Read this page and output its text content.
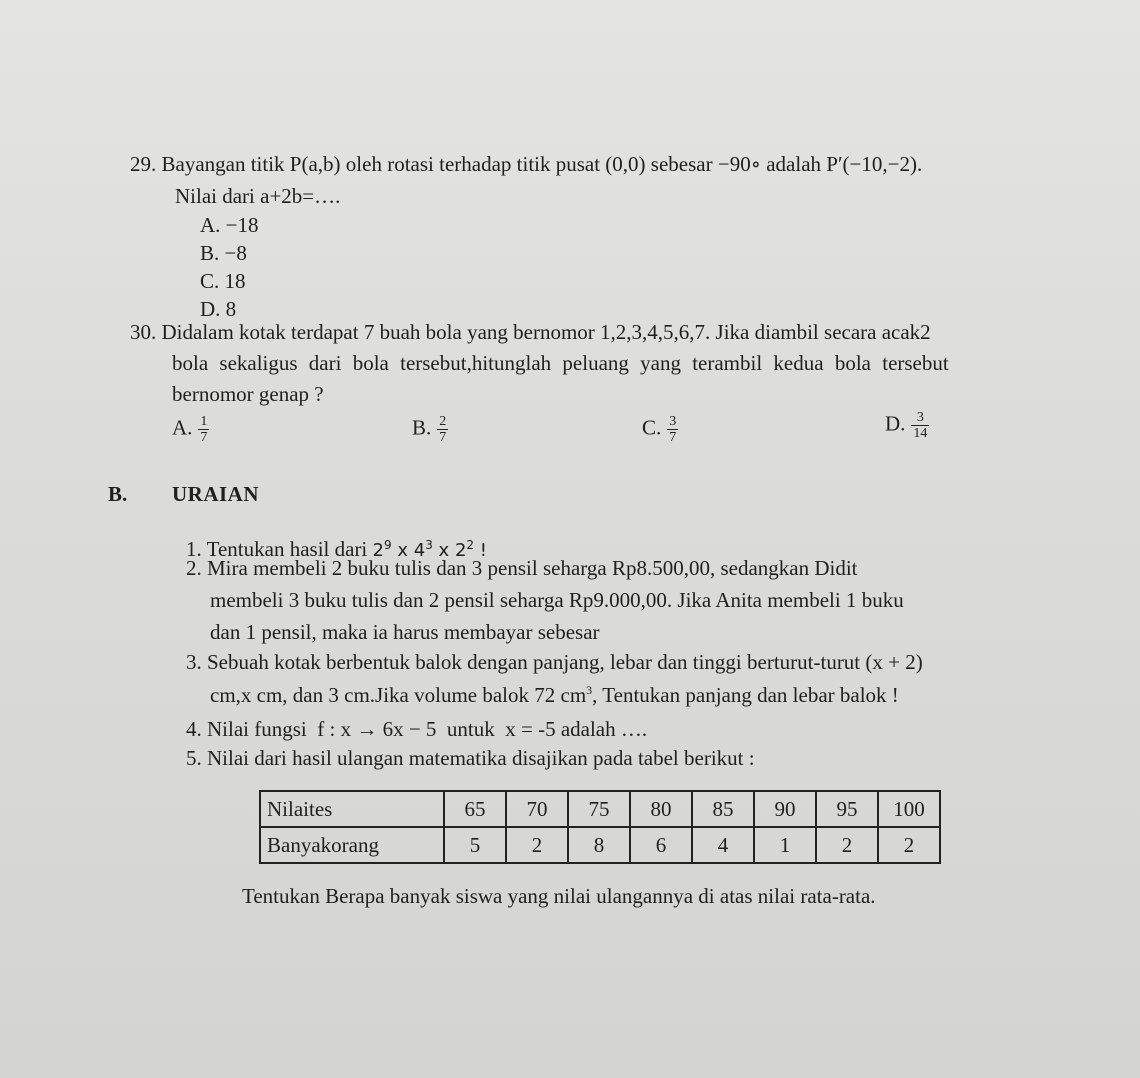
29. Bayangan titik P(a,b) oleh rotasi terhadap titik pusat (0,0) sebesar −90∘ adalah P′(−10,−2).
Nilai dari a+2b=….
A. −18
B. −8
C. 18
D. 8
30. Didalam kotak terdapat 7 buah bola yang bernomor 1,2,3,4,5,6,7. Jika diambil secara acak2
bola sekaligus dari bola tersebut,hitunglah peluang yang terambil kedua bola tersebut
bernomor genap ?
A. $\frac{1}{7}$	B. $\frac{2}{7}$	C. $\frac{3}{7}$	D. $\frac{3}{14}$
B. URAIAN
1. Tentukan hasil dari $2^9$ x $4^3$ x $2^2$ !
2. Mira membeli 2 buku tulis dan 3 pensil seharga Rp8.500,00, sedangkan Didit
membeli 3 buku tulis dan 2 pensil seharga Rp9.000,00. Jika Anita membeli 1 buku
dan 1 pensil, maka ia harus membayar sebesar
3. Sebuah kotak berbentuk balok dengan panjang, lebar dan tinggi berturut-turut (x + 2)
cm,x cm, dan 3 cm.Jika volume balok 72 $cm^3$, Tentukan panjang dan lebar balok !
4. Nilai fungsi  f : x → 6x − 5  untuk  x = -5 adalah ….
5. Nilai dari hasil ulangan matematika disajikan pada tabel berikut :
Nilaites	65	70	75	80	85	90	95	100
Banyakorang	5	2	8	6	4	1	2	2
Tentukan Berapa banyak siswa yang nilai ulangannya di atas nilai rata-rata.
